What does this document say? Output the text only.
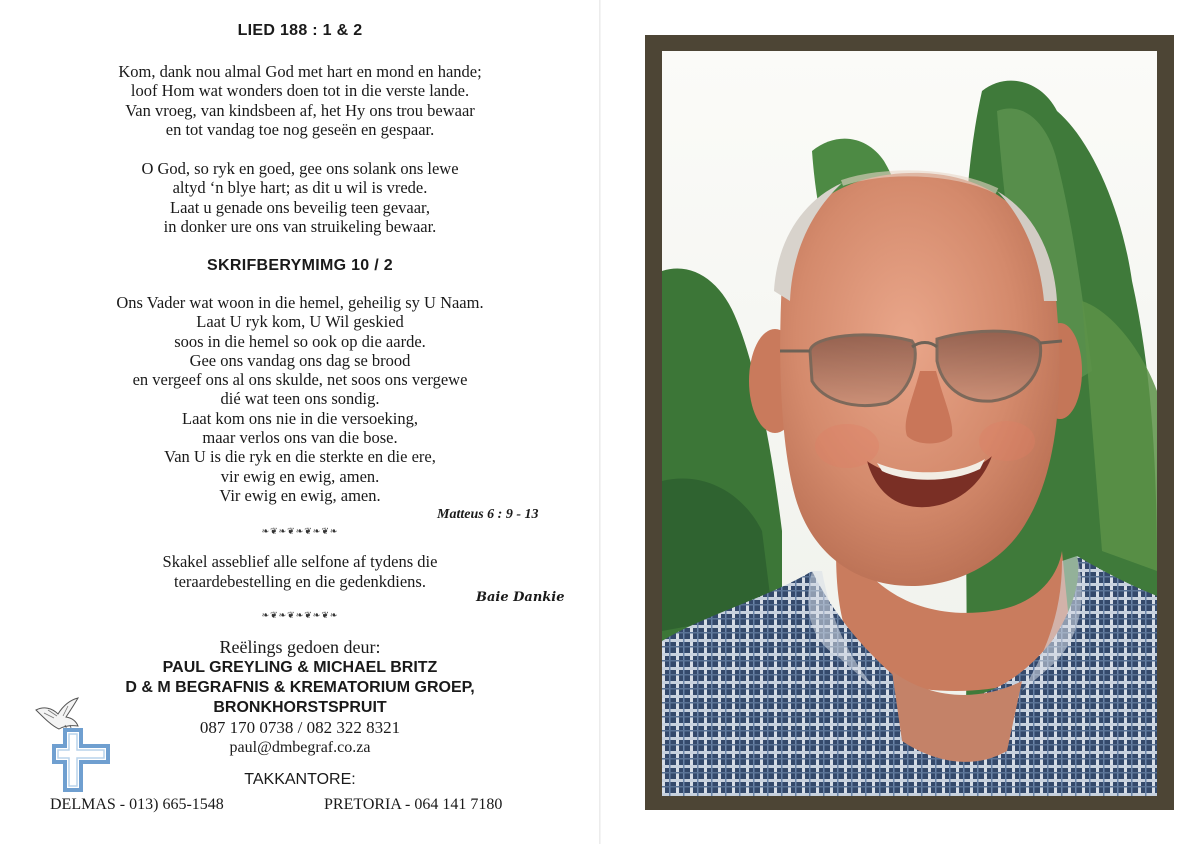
LIED 188 : 1 & 2
Kom, dank nou almal God met hart en mond en hande;
loof Hom wat wonders doen tot in die verste lande.
Van vroeg, van kindsbeen af, het Hy ons trou bewaar
en tot vandag toe nog geseën en gespaar.
O God, so ryk en goed, gee ons solank ons lewe
altyd ‘n blye hart; as dit u wil is vrede.
Laat u genade ons beveilig teen gevaar,
in donker ure ons van struikeling bewaar.
SKRIFBERYMIMG 10 / 2
Ons Vader wat woon in die hemel, geheilig sy U Naam.
Laat U ryk kom, U Wil geskied
soos in die hemel so ook op die aarde.
Gee ons vandag ons dag se brood
en vergeef ons al ons skulde, net soos ons vergewe
dié wat teen ons sondig.
Laat kom ons nie in die versoeking,
maar verlos ons van die bose.
Van U is die ryk en die sterkte en die ere,
vir ewig en ewig, amen.
Vir ewig en ewig, amen.
Matteus 6 : 9 - 13
❧❦❧❦❧❦❧❦❧
Skakel asseblief alle selfone af tydens die
teraardebestelling en die gedenkdiens.
Baie Dankie
❧❦❧❦❧❦❧❦❧
Reëlings gedoen deur:
PAUL GREYLING & MICHAEL BRITZ
D & M BEGRAFNIS & KREMATORIUM GROEP,
BRONKHORSTSPRUIT
087 170 0738 / 082 322 8321
paul@dmbegraf.co.za
TAKKANTORE:
DELMAS - 013) 665-1548	PRETORIA - 064 141 7180
